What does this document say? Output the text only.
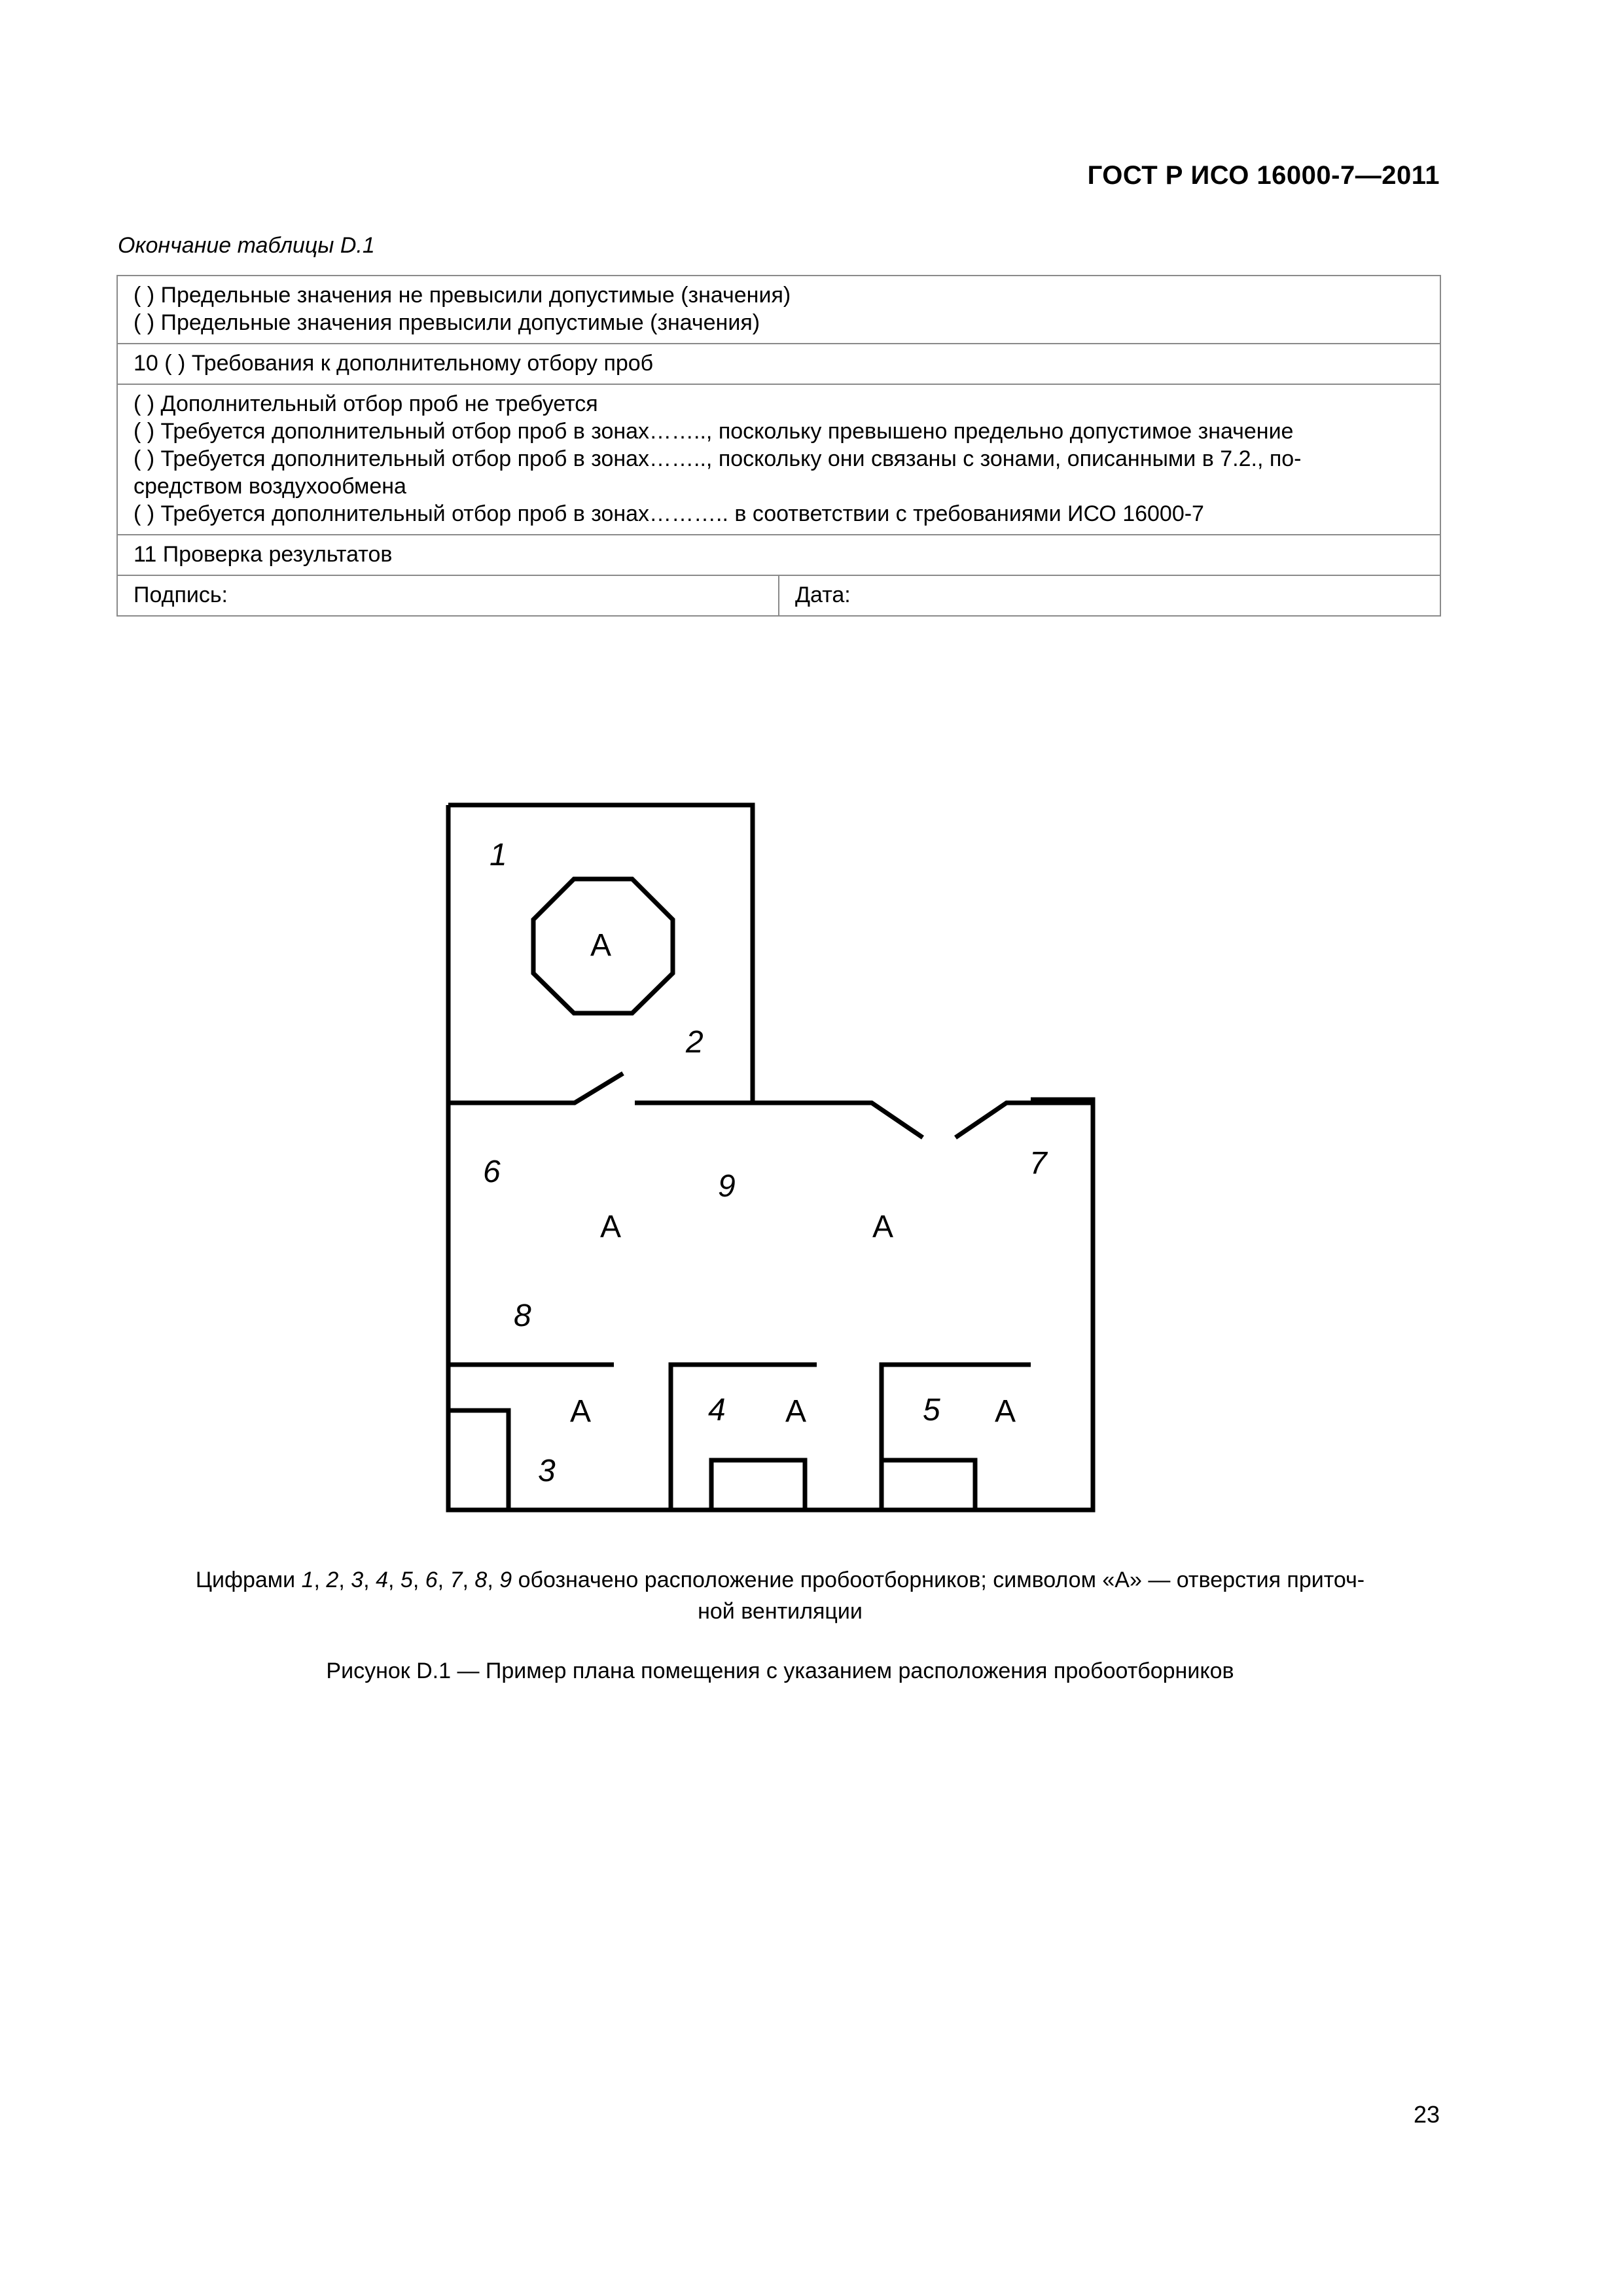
ГОСТ Р ИСО 16000-7—2011
Окончание таблицы D.1
( ) Предельные значения не превысили допустимые (значения)
( ) Предельные значения превысили допустимые (значения)

10 ( ) Требования к дополнительному отбору проб

( ) Дополнительный отбор проб не требуется
( ) Требуется дополнительный отбор проб в зонах…….., поскольку превышено предельно допустимое значение
( ) Требуется дополнительный отбор проб в зонах…….., поскольку они связаны с зонами, описанными в 7.2., по-
средством воздухообмена
( ) Требуется дополнительный отбор проб в зонах……….. в соответствии с требованиями ИСО 16000-7

11 Проверка результатов
Подпись:	Дата:
1
2
3
4	5
6	7
8
9
A
A	A
A	A	A
Цифрами 1, 2, 3, 4, 5, 6, 7, 8, 9 обозначено расположение пробоотборников; символом «А» — отверстия приточ-
ной вентиляции
Рисунок D.1 — Пример плана помещения с указанием расположения пробоотборников
23
